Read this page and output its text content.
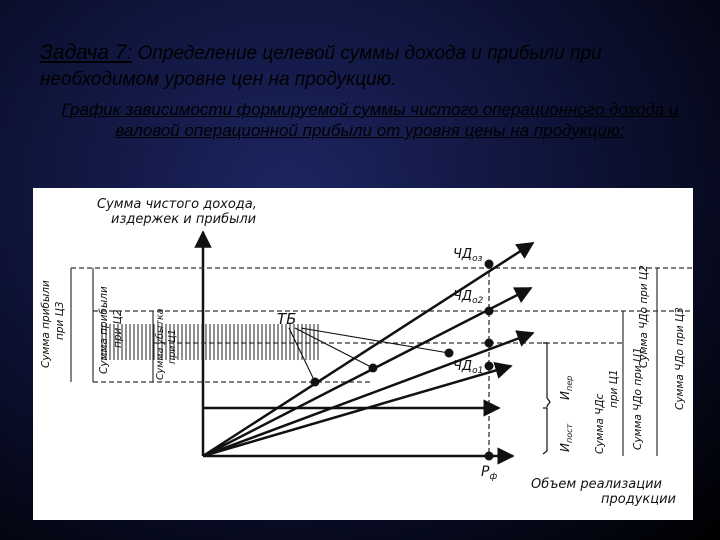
Задача 7: Определение целевой суммы дохода и прибыли при необходимом уровне цен на продукцию.
График зависимости формируемой суммы чистого операционного дохода и валовой операционной прибыли от уровня цены на продукцию:
Сумма чистого дохода,
издержек и прибыли
Объем реализации
продукции
ТБ
$ЧД_{оз}$
$ЧД_{о2}$
$ЧД_{о1}$
$Р_ф$
$И_{пер}$
$И_{пост}$
Сумма прибыли при Ц3	Сумма прибыли при Ц2	Сумма убытка при Ц1
Сумма ЧДс
при Ц1 Сумма ЧДо при Ц1
Сумма ЧДо при Ц2 Сумма ЧДо при Ц3
